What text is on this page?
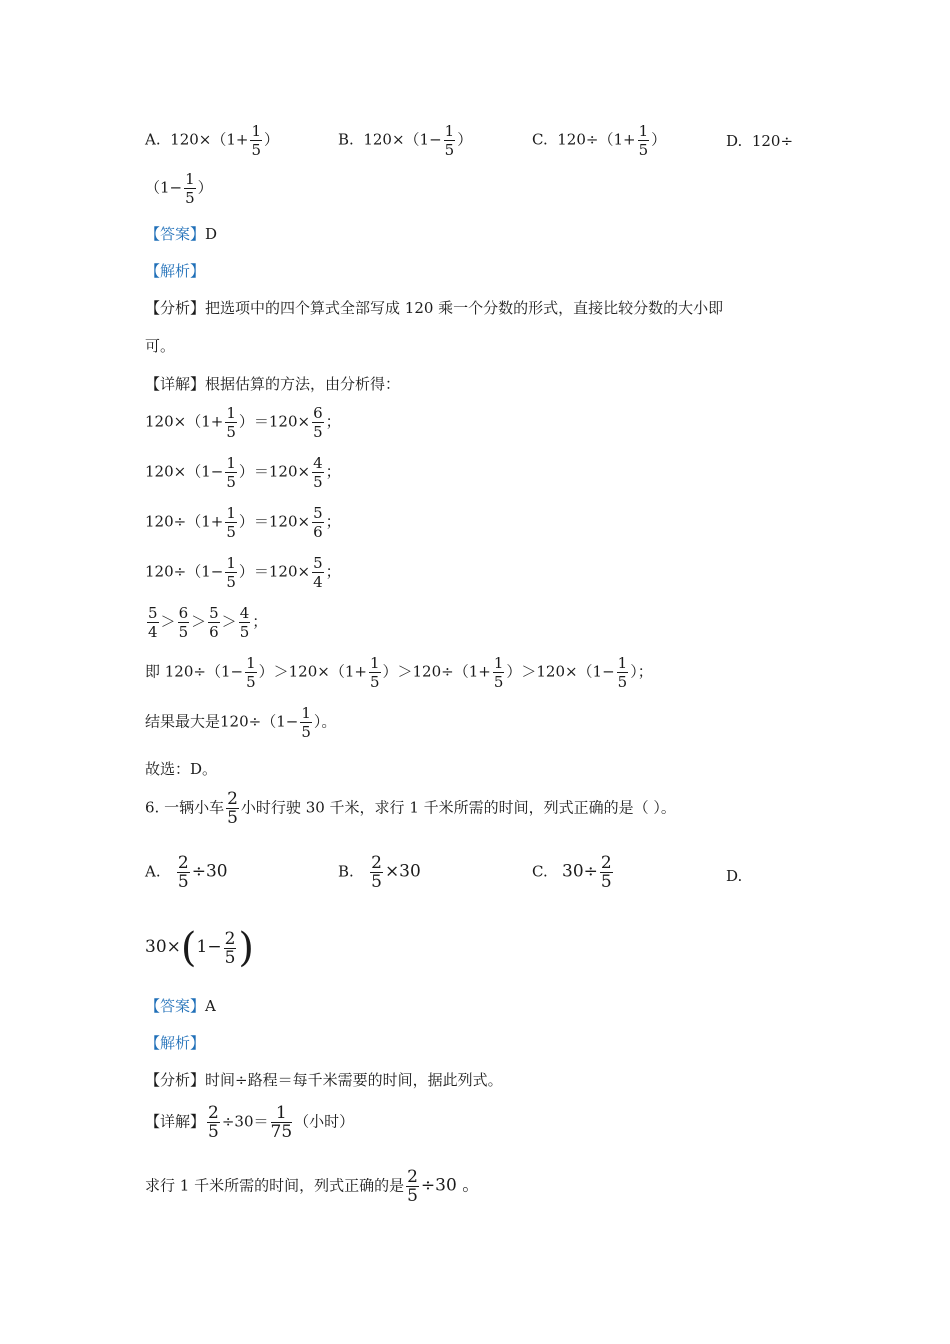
A. $120\times(1+ \frac{1}{5}$ ）	B. $120\times(1- \frac{1}{5}$ ）	C. $120\div(1+ \frac{1}{5}$ ）	D. 120÷
（$1- \frac{1}{5}$ ）
【答案】D
【解析】
【分析】把选项中的四个算式全部写成 120 乘一个分数的形式，直接比较分数的大小即
可。
【详解】根据估算的方法，由分析得：
$120\times(1+ \frac{1}{5} )=120\times \frac{6}{5}$ ；
$120\times(1- \frac{1}{5} )=120\times \frac{4}{5}$ ；
$120\div(1+ \frac{1}{5} )=120\times \frac{5}{6}$ ；
$120\div(1- \frac{1}{5} )=120\times \frac{5}{4}$ ；
$\frac{5}{4} > \frac{6}{5} > \frac{5}{6} > \frac{4}{5}$ ；
即 $120\div(1- \frac{1}{5} )>120\times(1+ \frac{1}{5} )>120\div(1+ \frac{1}{5} )>120\times(1- \frac{1}{5}$ ）；
结果最大是$120\div(1- \frac{1}{5}$ ）。
故选：D。
6. 一辆小车 $\frac{2}{5}$ 小时行驶 30 千米，求行 1 千米所需的时间，列式正确的是（ ）。
A. $\frac{2}{5} \div 30$	B. $\frac{2}{5} \times 30$	C. $30\div \frac{2}{5}$	D.
$30\times(1- \frac{2}{5}$ )
【答案】A
【解析】
【分析】时间÷路程＝每千米需要的时间，据此列式。
【详解】 $\frac{2}{5} \div 30= \frac{1}{75}$ （小时）
求行 1 千米所需的时间，列式正确的是 $\frac{2}{5} \div 30$ 。
